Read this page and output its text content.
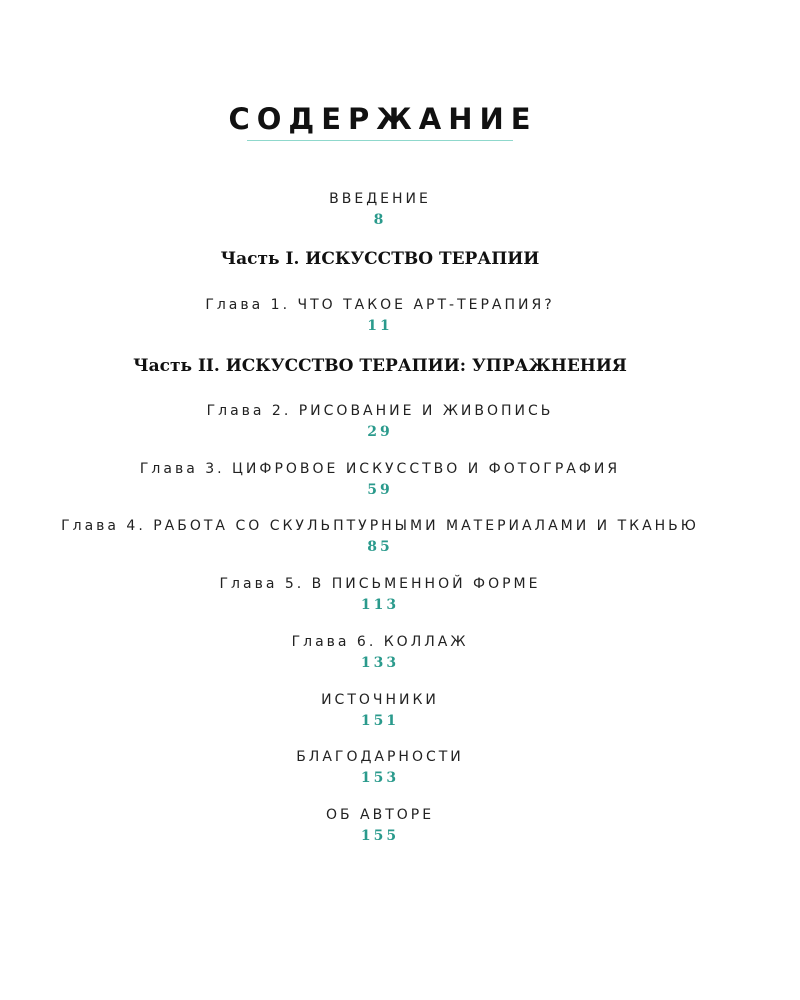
СОДЕРЖАНИЕ
ВВЕДЕНИЕ
8
Часть I. ИСКУССТВО ТЕРАПИИ
Глава 1. ЧТО ТАКОЕ АРТ-ТЕРАПИЯ?
11
Часть II. ИСКУССТВО ТЕРАПИИ: УПРАЖНЕНИЯ
Глава 2. РИСОВАНИЕ И ЖИВОПИСЬ
29
Глава 3. ЦИФРОВОЕ ИСКУССТВО И ФОТОГРАФИЯ
59
Глава 4. РАБОТА СО СКУЛЬПТУРНЫМИ МАТЕРИАЛАМИ И ТКАНЬЮ
85
Глава 5. В ПИСЬМЕННОЙ ФОРМЕ
113
Глава 6. КОЛЛАЖ
133
ИСТОЧНИКИ
151
БЛАГОДАРНОСТИ
153
ОБ АВТОРЕ
155
